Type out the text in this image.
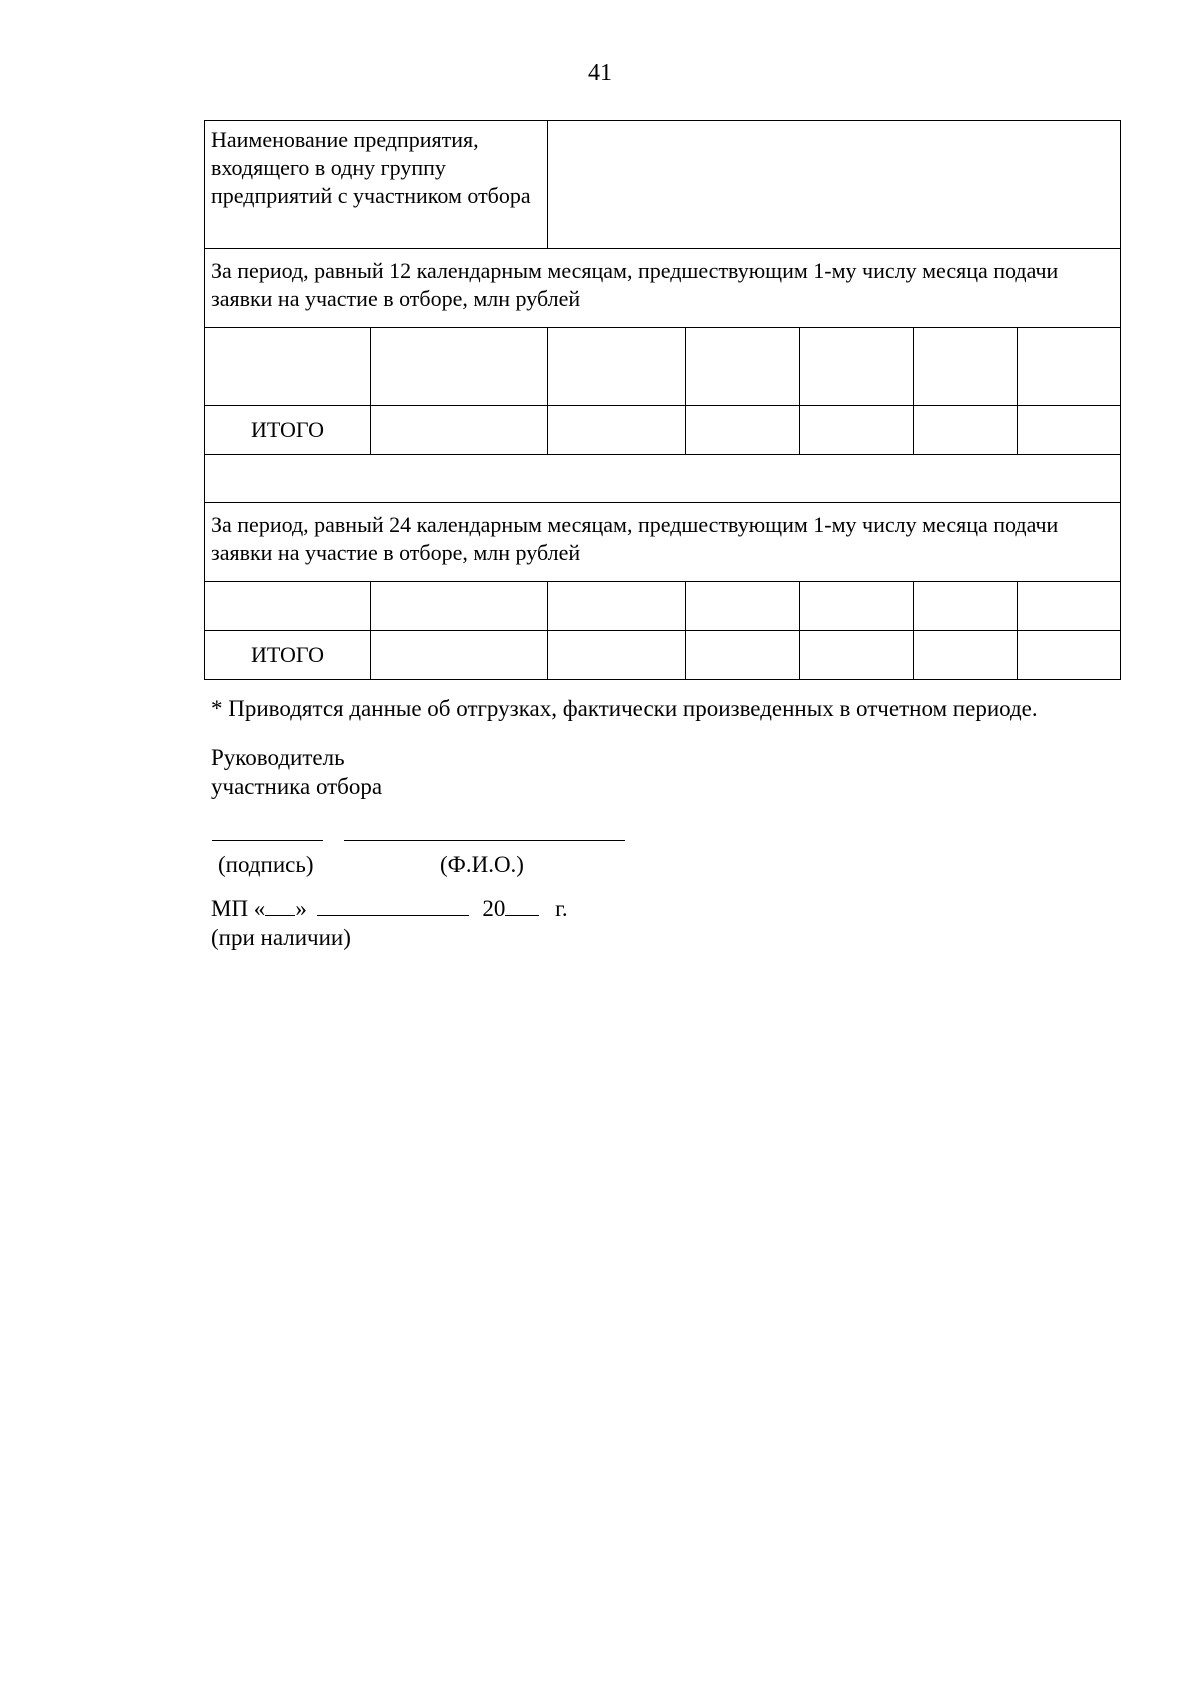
41
Наименование предприятия, входящего в одну группу предприятий с участником отбора						
За период, равный 12 календарным месяцам, предшествующим 1-му числу месяца подачи заявки на участие в отборе, млн рублей						

ИТОГО						

За период, равный 24 календарным месяцам, предшествующим 1-му числу месяца подачи заявки на участие в отборе, млн рублей						

ИТОГО						
* Приводятся данные об отгрузках, фактически произведенных в отчетном периоде.
Руководитель
участника отбора
(подпись)	(Ф.И.О.)
МП « »	20 г.
(при наличии)
